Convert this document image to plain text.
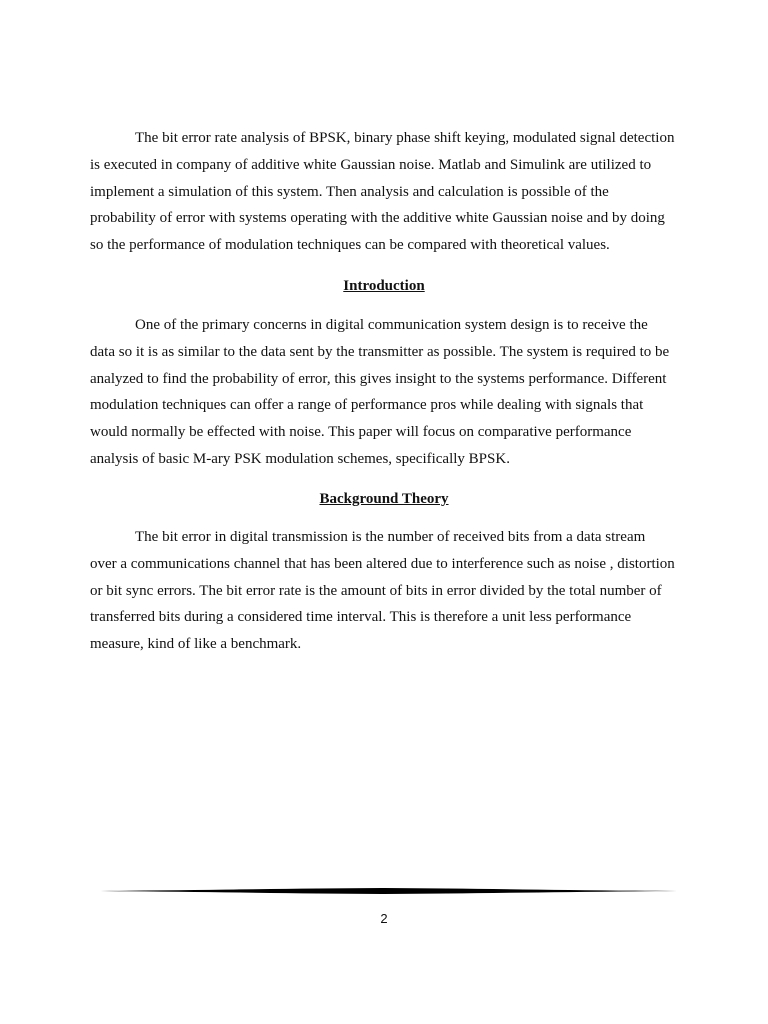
The bit error rate analysis of BPSK, binary phase shift keying, modulated signal detection
is executed in company of additive white Gaussian noise. Matlab and Simulink are utilized to
implement a simulation of this system. Then analysis and calculation is possible of the
probability of error with systems operating with the additive white Gaussian noise and by doing
so the performance of modulation techniques can be compared with theoretical values.

Introduction

One of the primary concerns in digital communication system design is to receive the
data so it is as similar to the data sent by the transmitter as possible. The system is required to be
analyzed to find the probability of error, this gives insight to the systems performance. Different
modulation techniques can offer a range of performance pros while dealing with signals that
would normally be effected with noise. This paper will focus on comparative performance
analysis of basic M-ary PSK modulation schemes, specifically BPSK.

Background Theory

The bit error in digital transmission is the number of received bits from a data stream
over a communications channel that has been altered due to interference such as noise , distortion
or bit sync errors. The bit error rate is the amount of bits in error divided by the total number of
transferred bits during a considered time interval. This is therefore a unit less performance
measure, kind of like a benchmark.

2
